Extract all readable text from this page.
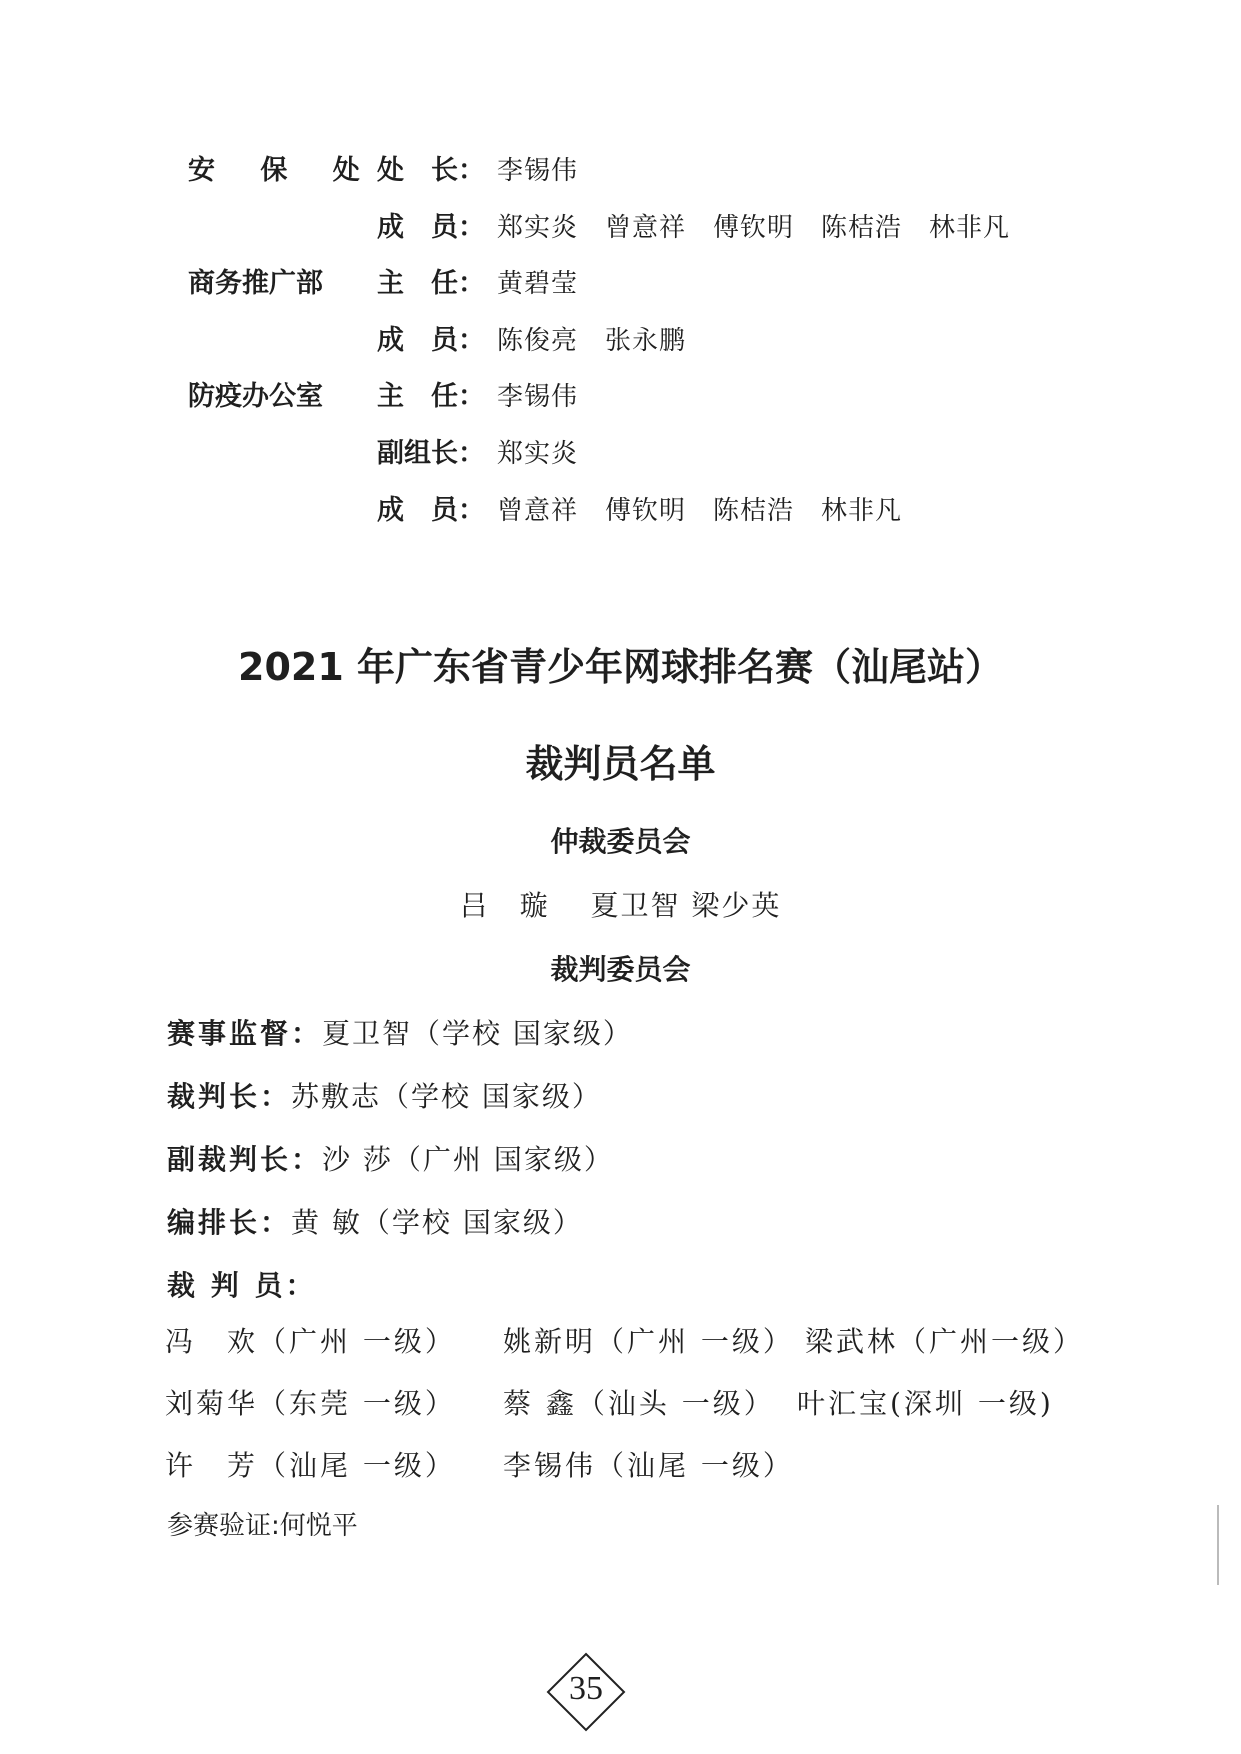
安 保 处 处　长： 李锡伟
成　员： 郑实炎　曾意祥　傅钦明　陈桔浩　林非凡
商务推广部 主　任： 黄碧莹
成　员： 陈俊亮　张永鹏
防疫办公室 主　任： 李锡伟
副组长： 郑实炎
成　员： 曾意祥　傅钦明　陈桔浩　林非凡
2021 年广东省青少年网球排名赛（汕尾站）
裁判员名单
仲裁委员会
吕　璇　 夏卫智 梁少英
裁判委员会
赛事监督：夏卫智（学校 国家级）
裁判长：苏敷志（学校 国家级）
副裁判长：沙 莎（广州 国家级）
编排长：黄 敏（学校 国家级）
裁 判 员：
冯　欢（广州 一级） 姚新明（广州 一级） 梁武林（广州一级）
刘菊华（东莞 一级） 蔡 鑫（汕头 一级） 叶汇宝(深圳 一级)
许　芳（汕尾 一级） 李锡伟（汕尾 一级）
参赛验证:何悦平
35
